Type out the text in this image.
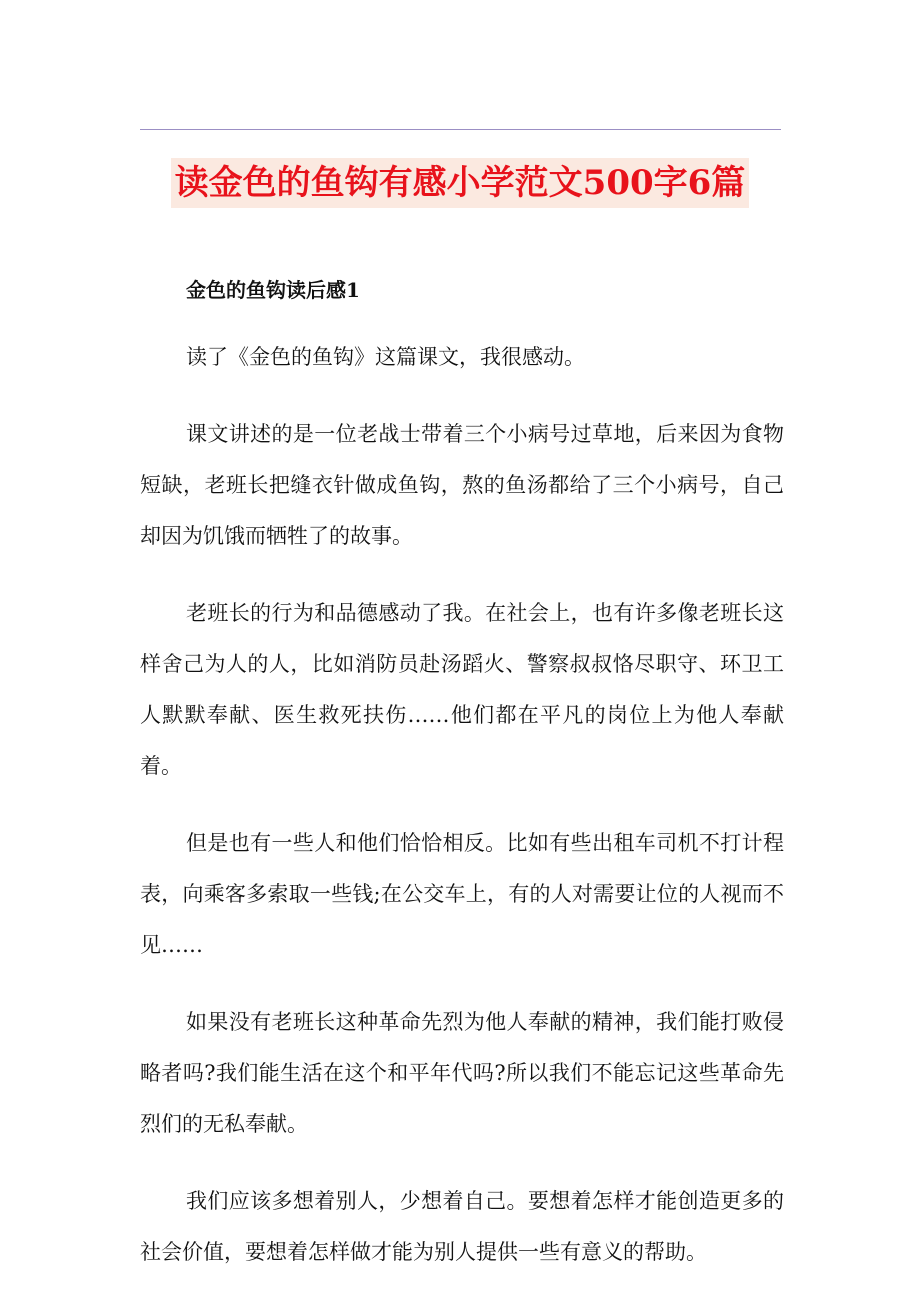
读金色的鱼钩有感小学范文500字6篇

金色的鱼钩读后感1

读了《金色的鱼钩》这篇课文，我很感动。

课文讲述的是一位老战士带着三个小病号过草地，后来因为食物短缺，老班长把缝衣针做成鱼钩，熬的鱼汤都给了三个小病号，自己却因为饥饿而牺牲了的故事。

老班长的行为和品德感动了我。在社会上，也有许多像老班长这样舍己为人的人，比如消防员赴汤蹈火、警察叔叔恪尽职守、环卫工人默默奉献、医生救死扶伤……他们都在平凡的岗位上为他人奉献着。

但是也有一些人和他们恰恰相反。比如有些出租车司机不打计程表，向乘客多索取一些钱;在公交车上，有的人对需要让位的人视而不见……

如果没有老班长这种革命先烈为他人奉献的精神，我们能打败侵略者吗?我们能生活在这个和平年代吗?所以我们不能忘记这些革命先烈们的无私奉献。

我们应该多想着别人，少想着自己。要想着怎样才能创造更多的社会价值，要想着怎样做才能为别人提供一些有意义的帮助。
